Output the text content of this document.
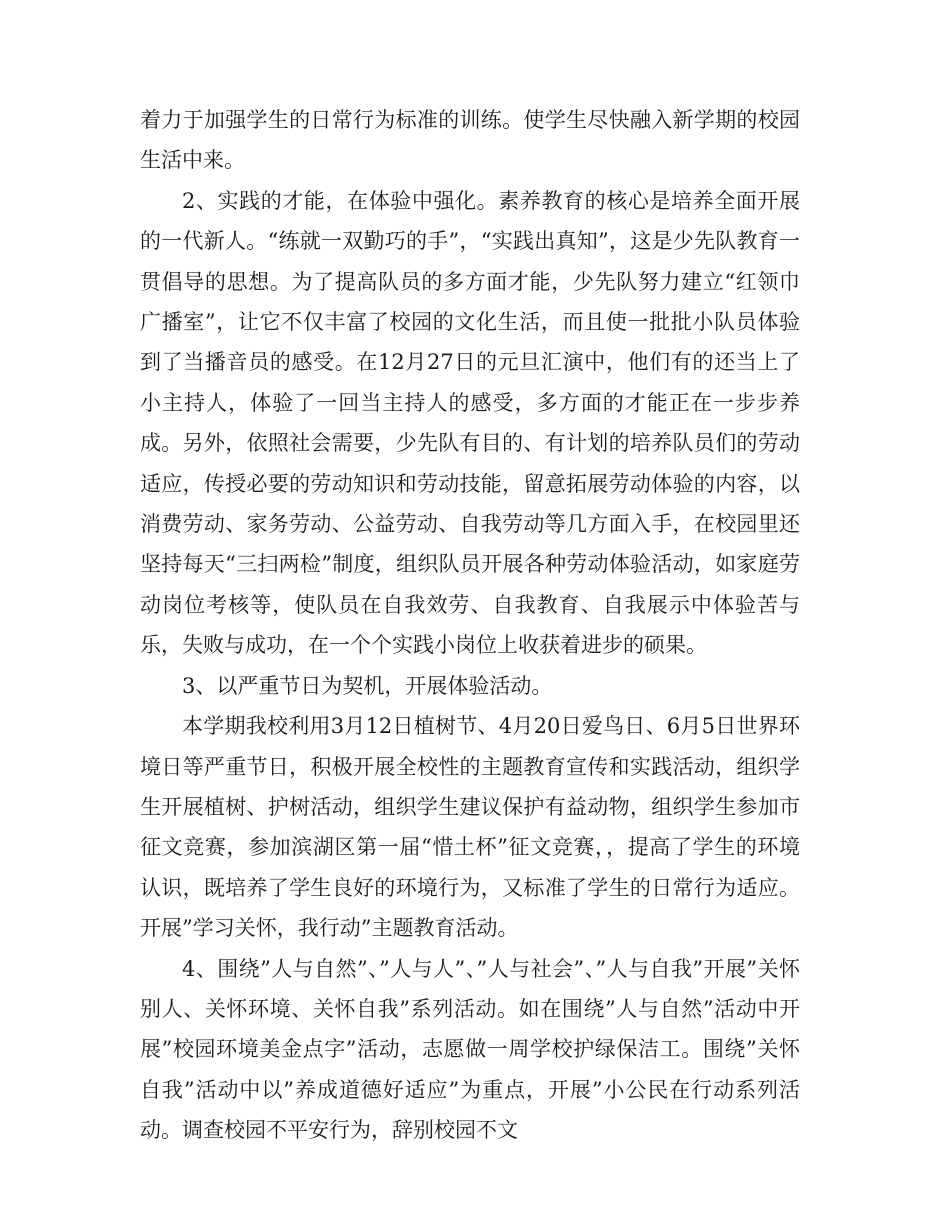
着力于加强学生的日常行为标准的训练。使学生尽快融入新学期的校园生活中来。

2、实践的才能，在体验中强化。素养教育的核心是培养全面开展的一代新人。“练就一双勤巧的手”，“实践出真知”，这是少先队教育一贯倡导的思想。为了提高队员的多方面才能，少先队努力建立“红领巾广播室”，让它不仅丰富了校园的文化生活，而且使一批批小队员体验到了当播音员的感受。在12月27日的元旦汇演中，他们有的还当上了小主持人，体验了一回当主持人的感受，多方面的才能正在一步步养成。另外，依照社会需要，少先队有目的、有计划的培养队员们的劳动适应，传授必要的劳动知识和劳动技能，留意拓展劳动体验的内容，以消费劳动、家务劳动、公益劳动、自我劳动等几方面入手，在校园里还坚持每天“三扫两检”制度，组织队员开展各种劳动体验活动，如家庭劳动岗位考核等，使队员在自我效劳、自我教育、自我展示中体验苦与乐，失败与成功，在一个个实践小岗位上收获着进步的硕果。

3、以严重节日为契机，开展体验活动。

本学期我校利用3月12日植树节、4月20日爱鸟日、6月5日世界环境日等严重节日，积极开展全校性的主题教育宣传和实践活动，组织学生开展植树、护树活动，组织学生建议保护有益动物，组织学生参加市征文竞赛，参加滨湖区第一届“惜土杯”征文竞赛，，提高了学生的环境认识，既培养了学生良好的环境行为，又标准了学生的日常行为适应。开展”学习关怀，我行动”主题教育活动。

4、围绕”人与自然”、”人与人”、”人与社会”、”人与自我”开展”关怀别人、关怀环境、关怀自我”系列活动。如在围绕”人与自然”活动中开展”校园环境美金点字”活动，志愿做一周学校护绿保洁工。围绕”关怀自我”活动中以”养成道德好适应”为重点，开展”小公民在行动系列活动。调查校园不平安行为，辞别校园不文
